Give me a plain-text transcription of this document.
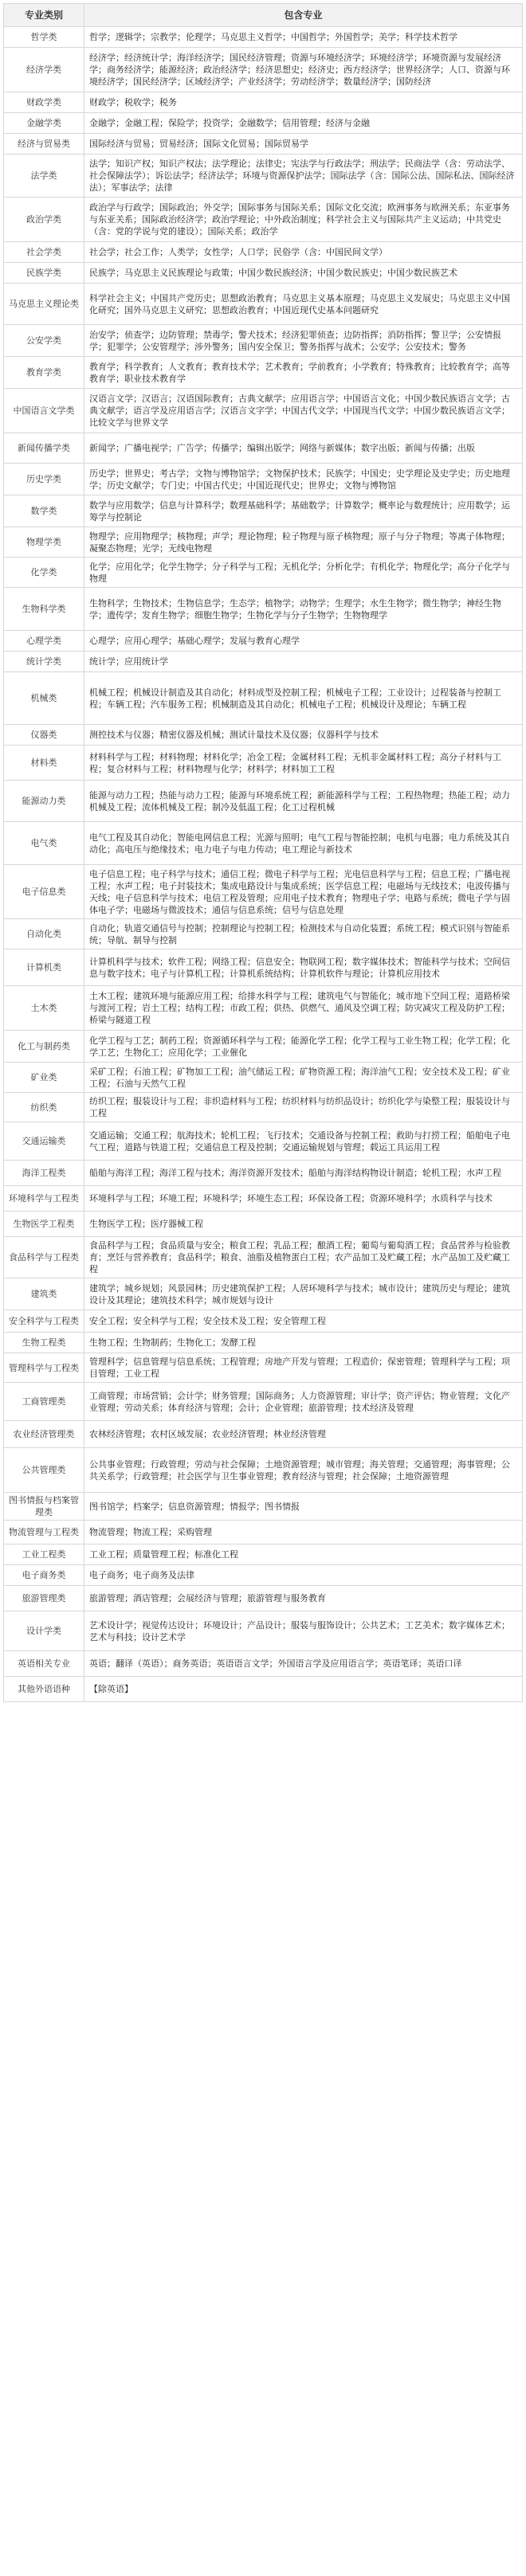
专业类别	包含专业
哲学类	哲学；逻辑学；宗教学；伦理学；马克思主义哲学；中国哲学；外国哲学；美学；科学技术哲学
经济学类	经济学；经济统计学；海洋经济学；国民经济管理；资源与环境经济学；环境经济学；环境资源与发展经济学；商务经济学；能源经济；政治经济学；经济思想史；经济史；西方经济学；世界经济学；人口、资源与环境经济学；国民经济学；区域经济学；产业经济学；劳动经济学；数量经济学；国防经济
财政学类	财政学；税收学；税务
金融学类	金融学；金融工程；保险学；投资学；金融数学；信用管理；经济与金融
经济与贸易类	国际经济与贸易；贸易经济；国际文化贸易；国际贸易学
法学类	法学；知识产权；知识产权法；法学理论；法律史；宪法学与行政法学；刑法学；民商法学（含：劳动法学、社会保障法学）；诉讼法学；经济法学；环境与资源保护法学；国际法学（含：国际公法、国际私法、国际经济法）；军事法学；法律
政治学类	政治学与行政学；国际政治；外交学；国际事务与国际关系；国际文化交流；欧洲事务与欧洲关系；东亚事务与东亚关系；国际政治经济学；政治学理论；中外政治制度；科学社会主义与国际共产主义运动；中共党史（含：党的学说与党的建设）；国际关系；政治学
社会学类	社会学；社会工作；人类学；女性学；人口学；民俗学（含：中国民间文学）
民族学类	民族学；马克思主义民族理论与政策；中国少数民族经济；中国少数民族史；中国少数民族艺术
马克思主义理论类	科学社会主义；中国共产党历史；思想政治教育；马克思主义基本原理；马克思主义发展史；马克思主义中国化研究；国外马克思主义研究；思想政治教育；中国近现代史基本问题研究
公安学类	治安学；侦查学；边防管理；禁毒学；警犬技术；经济犯罪侦查；边防指挥；消防指挥；警卫学；公安情报学；犯罪学；公安管理学；涉外警务；国内安全保卫；警务指挥与战术；公安学；公安技术；警务
教育学类	教育学；科学教育；人文教育；教育技术学；艺术教育；学前教育；小学教育；特殊教育；比较教育学；高等教育学；职业技术教育学
中国语言文学类	汉语言文学；汉语言；汉语国际教育；古典文献学；应用语言学；中国语言文化；中国少数民族语言文学；古典文献学；语言学及应用语言学；汉语言文字学；中国古代文学；中国现当代文学；中国少数民族语言文学；比较文学与世界文学
新闻传播学类	新闻学；广播电视学；广告学；传播学；编辑出版学；网络与新媒体；数字出版；新闻与传播；出版
历史学类	历史学；世界史；考古学；文物与博物馆学；文物保护技术；民族学；中国史；史学理论及史学史；历史地理学；历史文献学；专门史；中国古代史；中国近现代史；世界史；文物与博物馆
数学类	数学与应用数学；信息与计算科学；数理基础科学；基础数学；计算数学；概率论与数理统计；应用数学；运筹学与控制论
物理学类	物理学；应用物理学；核物理；声学；理论物理；粒子物理与原子核物理；原子与分子物理；等离子体物理；凝聚态物理；光学；无线电物理
化学类	化学；应用化学；化学生物学；分子科学与工程；无机化学；分析化学；有机化学；物理化学；高分子化学与物理
生物科学类	生物科学；生物技术；生物信息学；生态学；植物学；动物学；生理学；水生生物学；微生物学；神经生物学；遗传学；发育生物学；细胞生物学；生物化学与分子生物学；生物物理学
心理学类	心理学；应用心理学；基础心理学；发展与教育心理学
统计学类	统计学；应用统计学
机械类	机械工程；机械设计制造及其自动化；材料成型及控制工程；机械电子工程；工业设计；过程装备与控制工程；车辆工程；汽车服务工程；机械制造及其自动化；机械电子工程；机械设计及理论；车辆工程
仪器类	测控技术与仪器；精密仪器及机械；测试计量技术及仪器；仪器科学与技术
材料类	材料科学与工程；材料物理；材料化学；冶金工程；金属材料工程；无机非金属材料工程；高分子材料与工程；复合材料与工程；材料物理与化学；材料学；材料加工工程
能源动力类	能源与动力工程；热能与动力工程；能源与环境系统工程；新能源科学与工程；工程热物理；热能工程；动力机械及工程；流体机械及工程；制冷及低温工程；化工过程机械
电气类	电气工程及其自动化；智能电网信息工程；光源与照明；电气工程与智能控制；电机与电器；电力系统及其自动化；高电压与绝缘技术；电力电子与电力传动；电工理论与新技术
电子信息类	电子信息工程；电子科学与技术；通信工程；微电子科学与工程；光电信息科学与工程；信息工程；广播电视工程；水声工程；电子封装技术；集成电路设计与集成系统；医学信息工程；电磁场与无线技术；电波传播与天线；电子信息科学与技术；电信工程及管理；应用电子技术教育；物理电子学；电路与系统；微电子学与固体电子学；电磁场与微波技术；通信与信息系统；信号与信息处理
自动化类	自动化；轨道交通信号与控制；控制理论与控制工程；检测技术与自动化装置；系统工程；模式识别与智能系统；导航、制导与控制
计算机类	计算机科学与技术；软件工程；网络工程；信息安全；物联网工程；数字媒体技术；智能科学与技术；空间信息与数字技术；电子与计算机工程；计算机系统结构；计算机软件与理论；计算机应用技术
土木类	土木工程；建筑环境与能源应用工程；给排水科学与工程；建筑电气与智能化；城市地下空间工程；道路桥梁与渡河工程；岩土工程；结构工程；市政工程；供热、供燃气、通风及空调工程；防灾减灾工程及防护工程；桥梁与隧道工程
化工与制药类	化学工程与工艺；制药工程；资源循环科学与工程；能源化学工程；化学工程与工业生物工程；化学工程；化学工艺；生物化工；应用化学；工业催化
矿业类	采矿工程；石油工程；矿物加工工程；油气储运工程；矿物资源工程；海洋油气工程；安全技术及工程；矿业工程；石油与天然气工程
纺织类	纺织工程；服装设计与工程；非织造材料与工程；纺织材料与纺织品设计；纺织化学与染整工程；服装设计与工程
交通运输类	交通运输；交通工程；航海技术；轮机工程；飞行技术；交通设备与控制工程；救助与打捞工程；船舶电子电气工程；道路与铁道工程；交通信息工程及控制；交通运输规划与管理；载运工具运用工程
海洋工程类	船舶与海洋工程；海洋工程与技术；海洋资源开发技术；船舶与海洋结构物设计制造；轮机工程；水声工程
环境科学与工程类	环境科学与工程；环境工程；环境科学；环境生态工程；环保设备工程；资源环境科学；水质科学与技术
生物医学工程类	生物医学工程；医疗器械工程
食品科学与工程类	食品科学与工程；食品质量与安全；粮食工程；乳品工程；酿酒工程；葡萄与葡萄酒工程；食品营养与检验教育；烹饪与营养教育；食品科学；粮食、油脂及植物蛋白工程；农产品加工及贮藏工程；水产品加工及贮藏工程
建筑类	建筑学；城乡规划；风景园林；历史建筑保护工程；人居环境科学与技术；城市设计；建筑历史与理论；建筑设计及其理论；建筑技术科学；城市规划与设计
安全科学与工程类	安全工程；安全科学与工程；安全技术及工程；安全管理工程
生物工程类	生物工程；生物制药；生物化工；发酵工程
管理科学与工程类	管理科学；信息管理与信息系统；工程管理；房地产开发与管理；工程造价；保密管理；管理科学与工程；项目管理；工业工程
工商管理类	工商管理；市场营销；会计学；财务管理；国际商务；人力资源管理；审计学；资产评估；物业管理；文化产业管理；劳动关系；体育经济与管理；会计；企业管理；旅游管理；技术经济及管理
农业经济管理类	农林经济管理；农村区域发展；农业经济管理；林业经济管理
公共管理类	公共事业管理；行政管理；劳动与社会保障；土地资源管理；城市管理；海关管理；交通管理；海事管理；公共关系学；行政管理；社会医学与卫生事业管理；教育经济与管理；社会保障；土地资源管理
图书情报与档案管理类	图书馆学；档案学；信息资源管理；情报学；图书情报
物流管理与工程类	物流管理；物流工程；采购管理
工业工程类	工业工程；质量管理工程；标准化工程
电子商务类	电子商务；电子商务及法律
旅游管理类	旅游管理；酒店管理；会展经济与管理；旅游管理与服务教育
设计学类	艺术设计学；视觉传达设计；环境设计；产品设计；服装与服饰设计；公共艺术；工艺美术；数字媒体艺术；艺术与科技；设计艺术学
英语相关专业	英语；翻译（英语）；商务英语；英语语言文学；外国语言学及应用语言学；英语笔译；英语口译
其他外语语种	【除英语】
